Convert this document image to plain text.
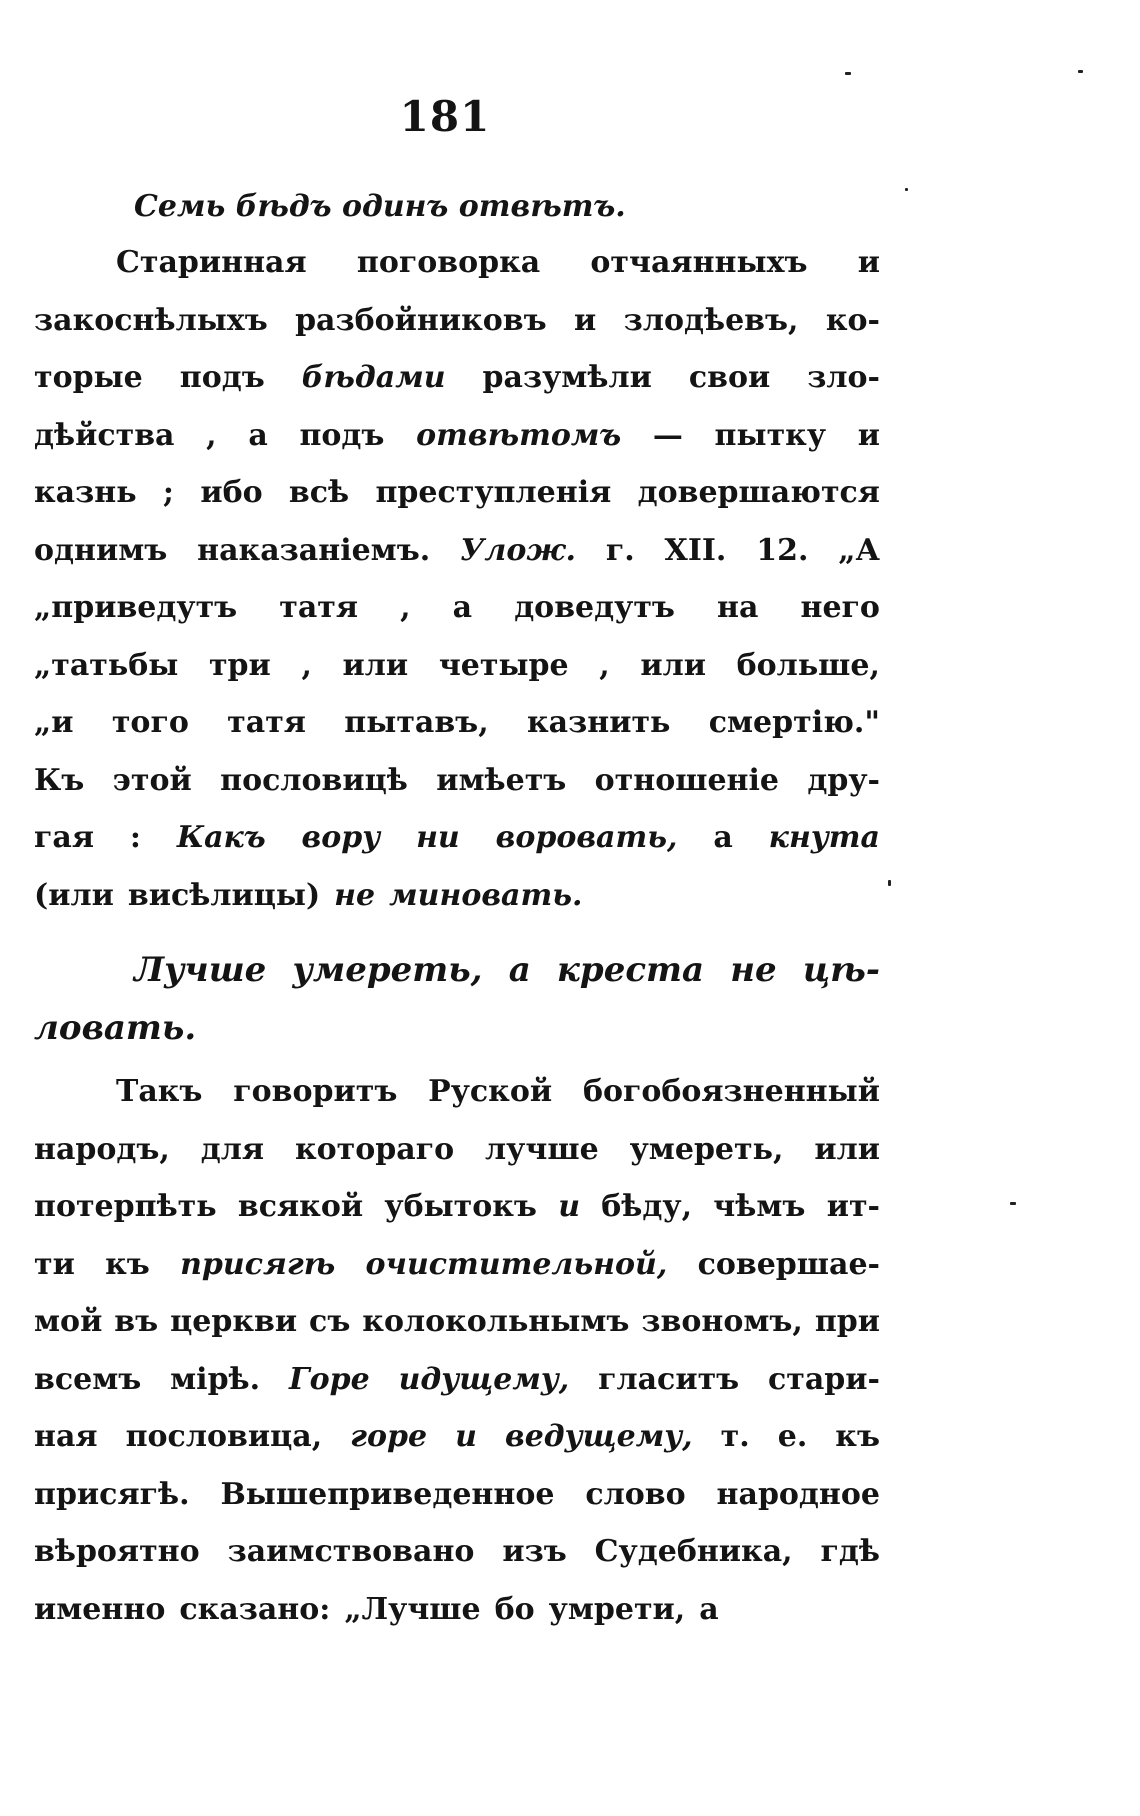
181
Семь бѣдъ одинъ отвѣтъ.
Старинная поговорка отчаянныхъ и
закоснѣлыхъ разбойниковъ и злодѣевъ, ко-
торые подъ бѣдами разумѣли свои зло-
дѣйства , а подъ отвѣтомъ — пытку и
казнь ; ибо всѣ преступленія довершаются
однимъ наказаніемъ. Улож. г. XII. 12. „А
„приведутъ татя , а доведутъ на него
„татьбы три , или четыре , или больше,
„и того татя пытавъ, казнить смертію."
Къ этой пословицѣ имѣетъ отношеніе дру-
гая : Какъ вору ни воровать, а кнута
(или висѣлицы) не миновать.
Лучше умереть, а креста не цѣ-
ловать.
Такъ говоритъ Руской богобоязненный
народъ, для котораго лучше умереть, или
потерпѣть всякой убытокъ и бѣду, чѣмъ ит-
ти къ присягѣ очистительной, совершае-
мой въ церкви съ колокольнымъ звономъ, при
всемъ мірѣ. Горе идущему, гласитъ стари-
ная пословица, горе и ведущему, т. е. къ
присягѣ. Вышеприведенное слово народное
вѣроятно заимствовано изъ Судебника, гдѣ
именно сказано: „Лучше бо умрети, а
